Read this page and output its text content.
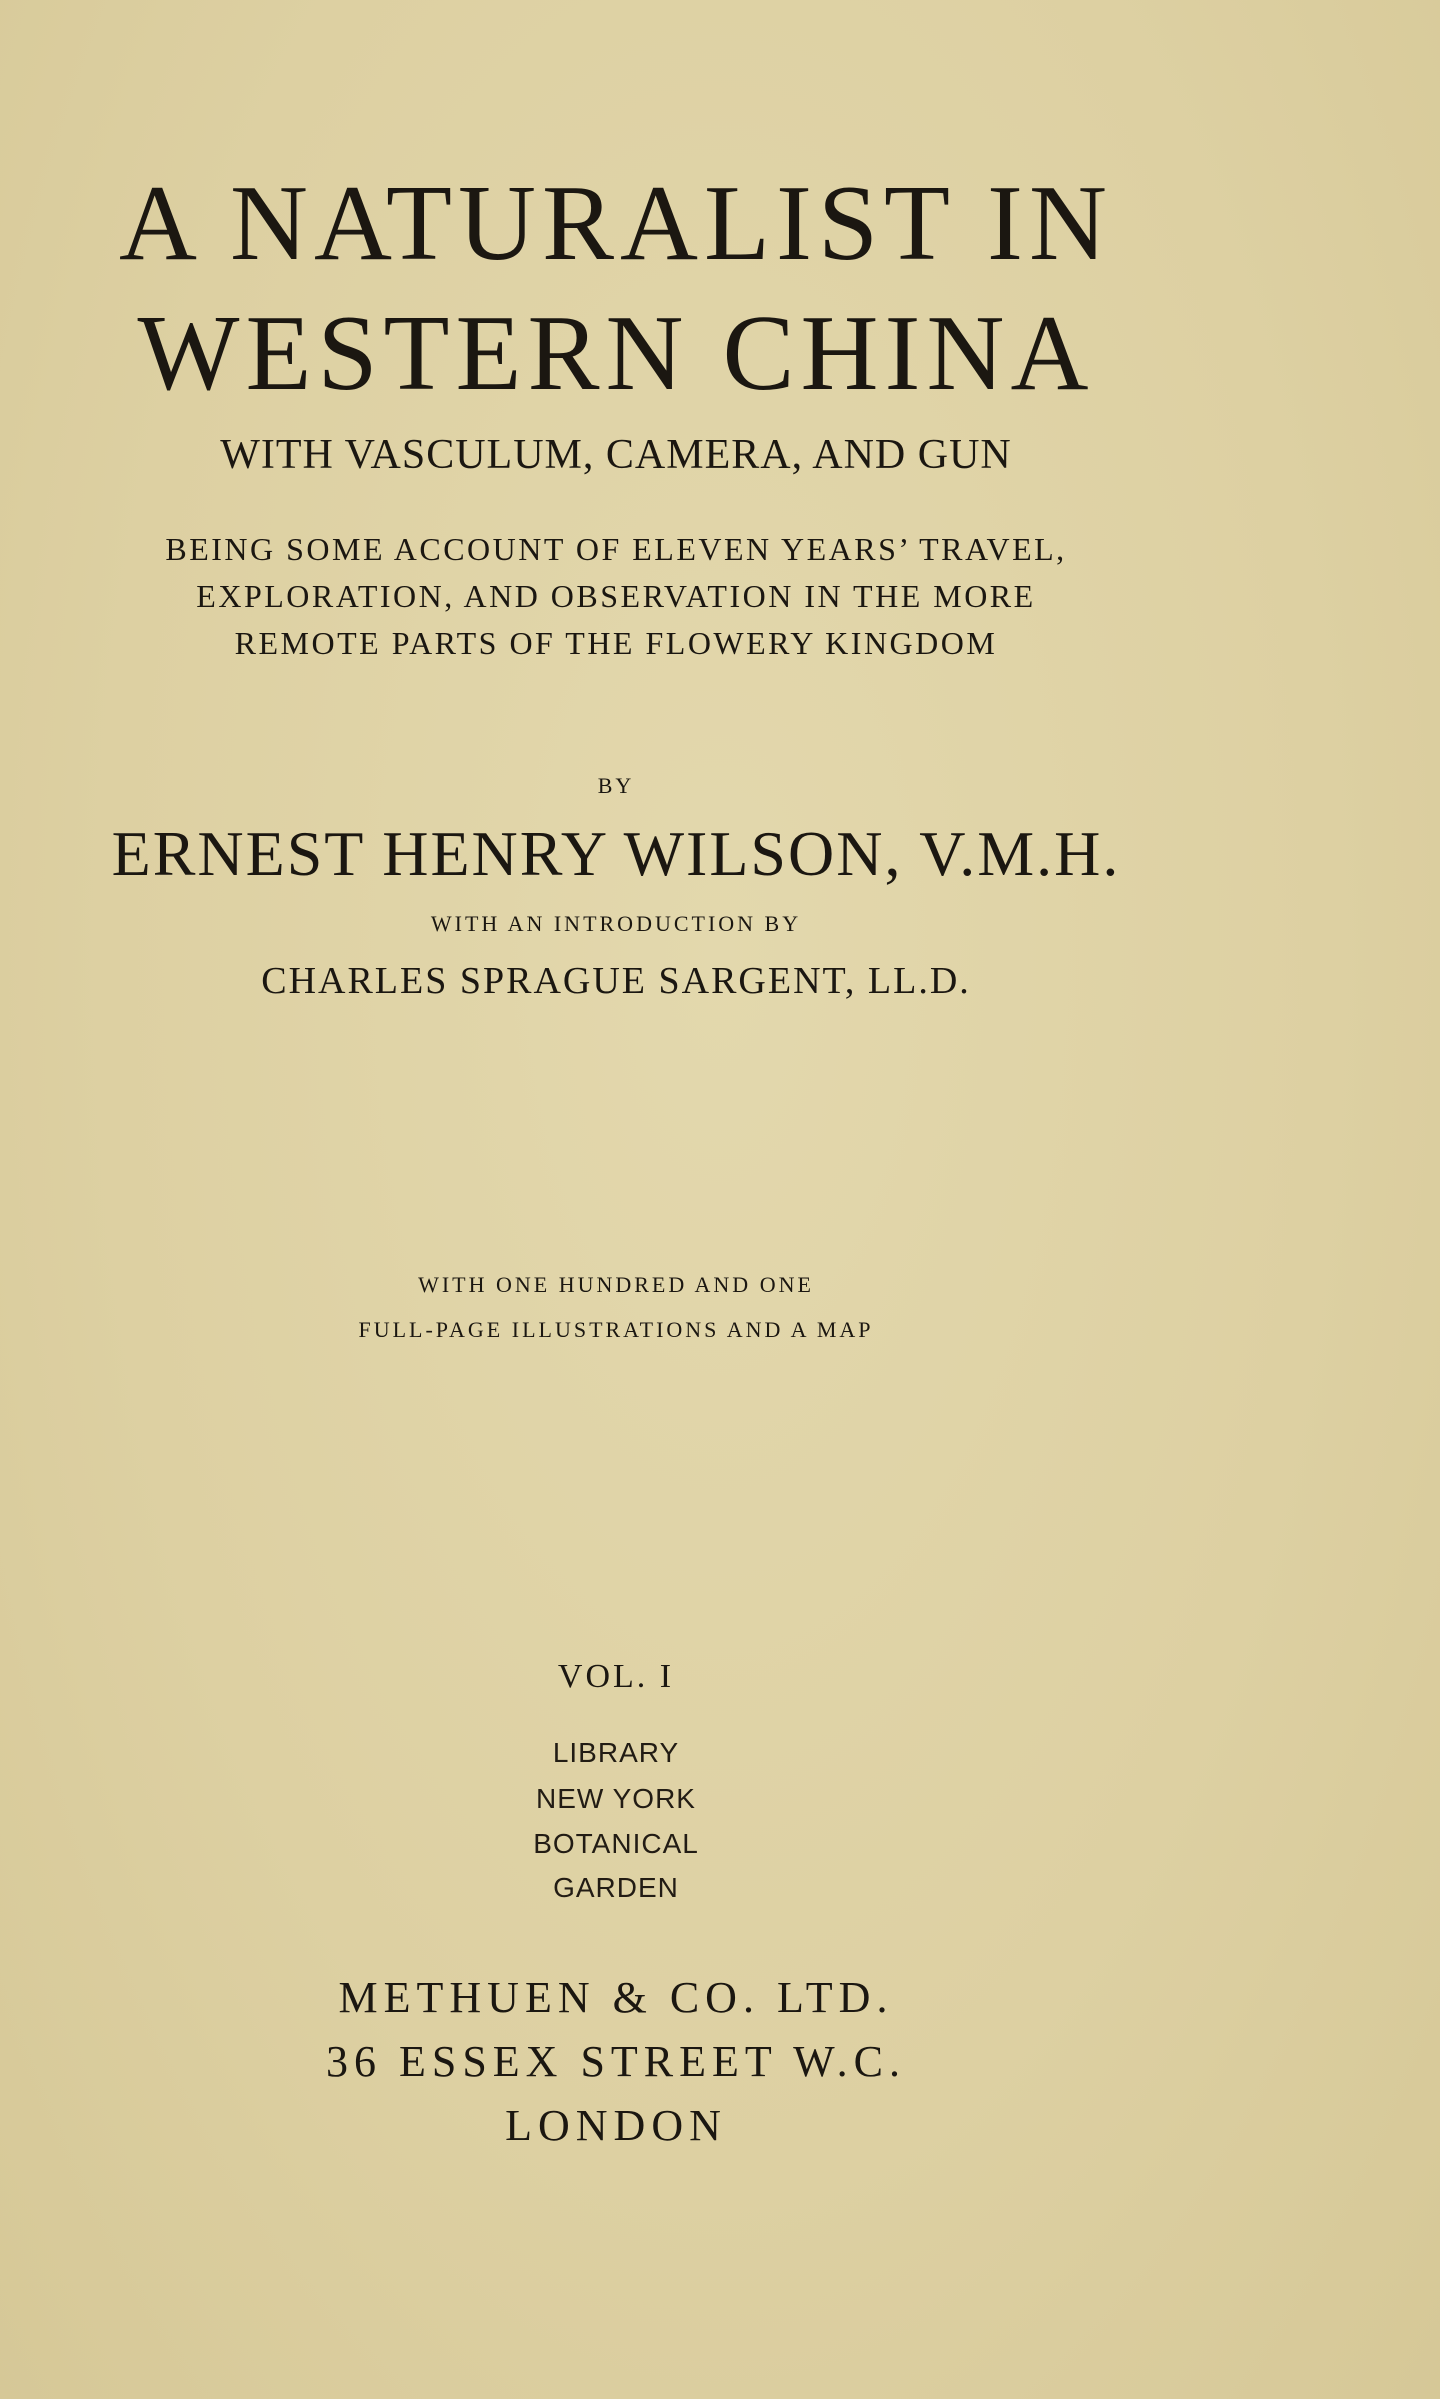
A NATURALIST IN
WESTERN CHINA
WITH VASCULUM, CAMERA, AND GUN
BEING SOME ACCOUNT OF ELEVEN YEARS’ TRAVEL,
EXPLORATION, AND OBSERVATION IN THE MORE
REMOTE PARTS OF THE FLOWERY KINGDOM
BY
ERNEST HENRY WILSON, V.M.H.
WITH AN INTRODUCTION BY
CHARLES SPRAGUE SARGENT, LL.D.
WITH ONE HUNDRED AND ONE
FULL-PAGE ILLUSTRATIONS AND A MAP
VOL. I
LIBRARY
NEW YORK
BOTANICAL
GARDEN
METHUEN & CO. LTD.
36 ESSEX STREET W.C.
LONDON
